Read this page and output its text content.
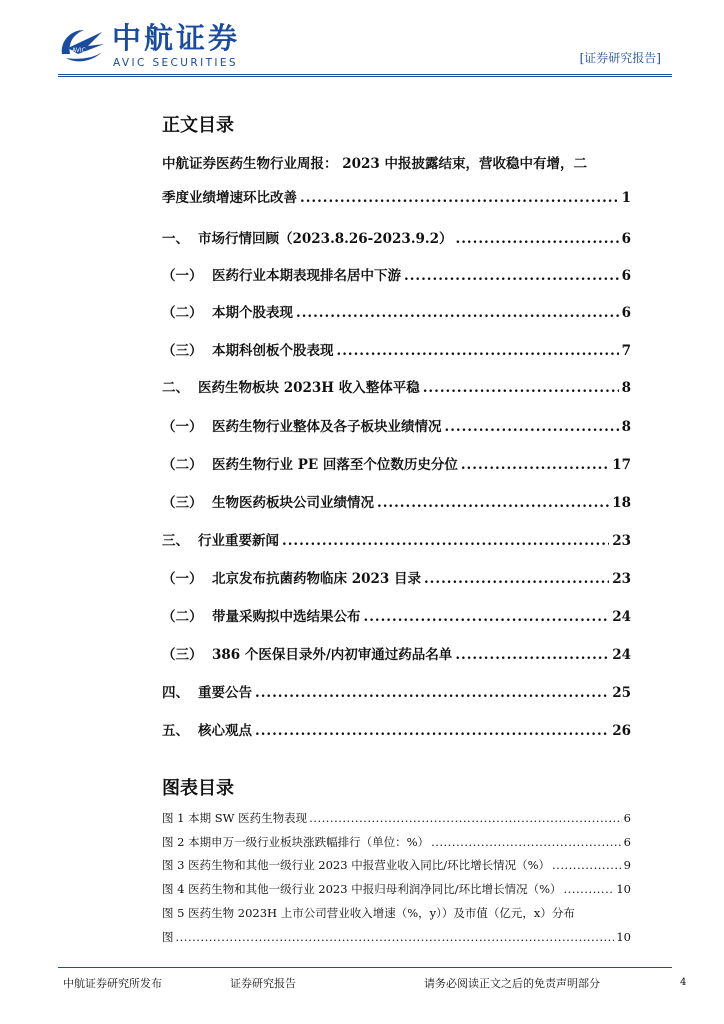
AVIC 中航证券
AVIC SECURITIES	[证券研究报告]
正文目录
中航证券医药生物行业周报： 2023 中报披露结束，营收稳中有增，二
季度业绩增速环比改善 .....	1
一、 市场行情回顾（2023.8.26-2023.9.2） .....	6
（一） 医药行业本期表现排名居中下游 .....	6
（二） 本期个股表现 .....	6
（三） 本期科创板个股表现 .....	7
二、 医药生物板块 2023H 收入整体平稳 .....	8
（一） 医药生物行业整体及各子板块业绩情况 .....	8
（二） 医药生物行业 PE 回落至个位数历史分位 .....	17
（三） 生物医药板块公司业绩情况 .....	18
三、 行业重要新闻 .....	23
（一） 北京发布抗菌药物临床 2023 目录 .....	23
（二） 带量采购拟中选结果公布 .....	24
（三） 386 个医保目录外/内初审通过药品名单 .....	24
四、 重要公告 .....	25
五、 核心观点 .....	26
图表目录
图 1 本期 SW 医药生物表现 .....	6
图 2 本期申万一级行业板块涨跌幅排行（单位：%） .....	6
图 3 医药生物和其他一级行业 2023 中报营业收入同比/环比增长情况（%） .....	9
图 4 医药生物和其他一级行业 2023 中报归母利润净同比/环比增长情况（%） .....	10
图 5 医药生物 2023H 上市公司营业收入增速（%，y））及市值（亿元，x）分布
图 .....	10
中航证券研究所发布	证券研究报告	请务必阅读正文之后的免责声明部分	4
